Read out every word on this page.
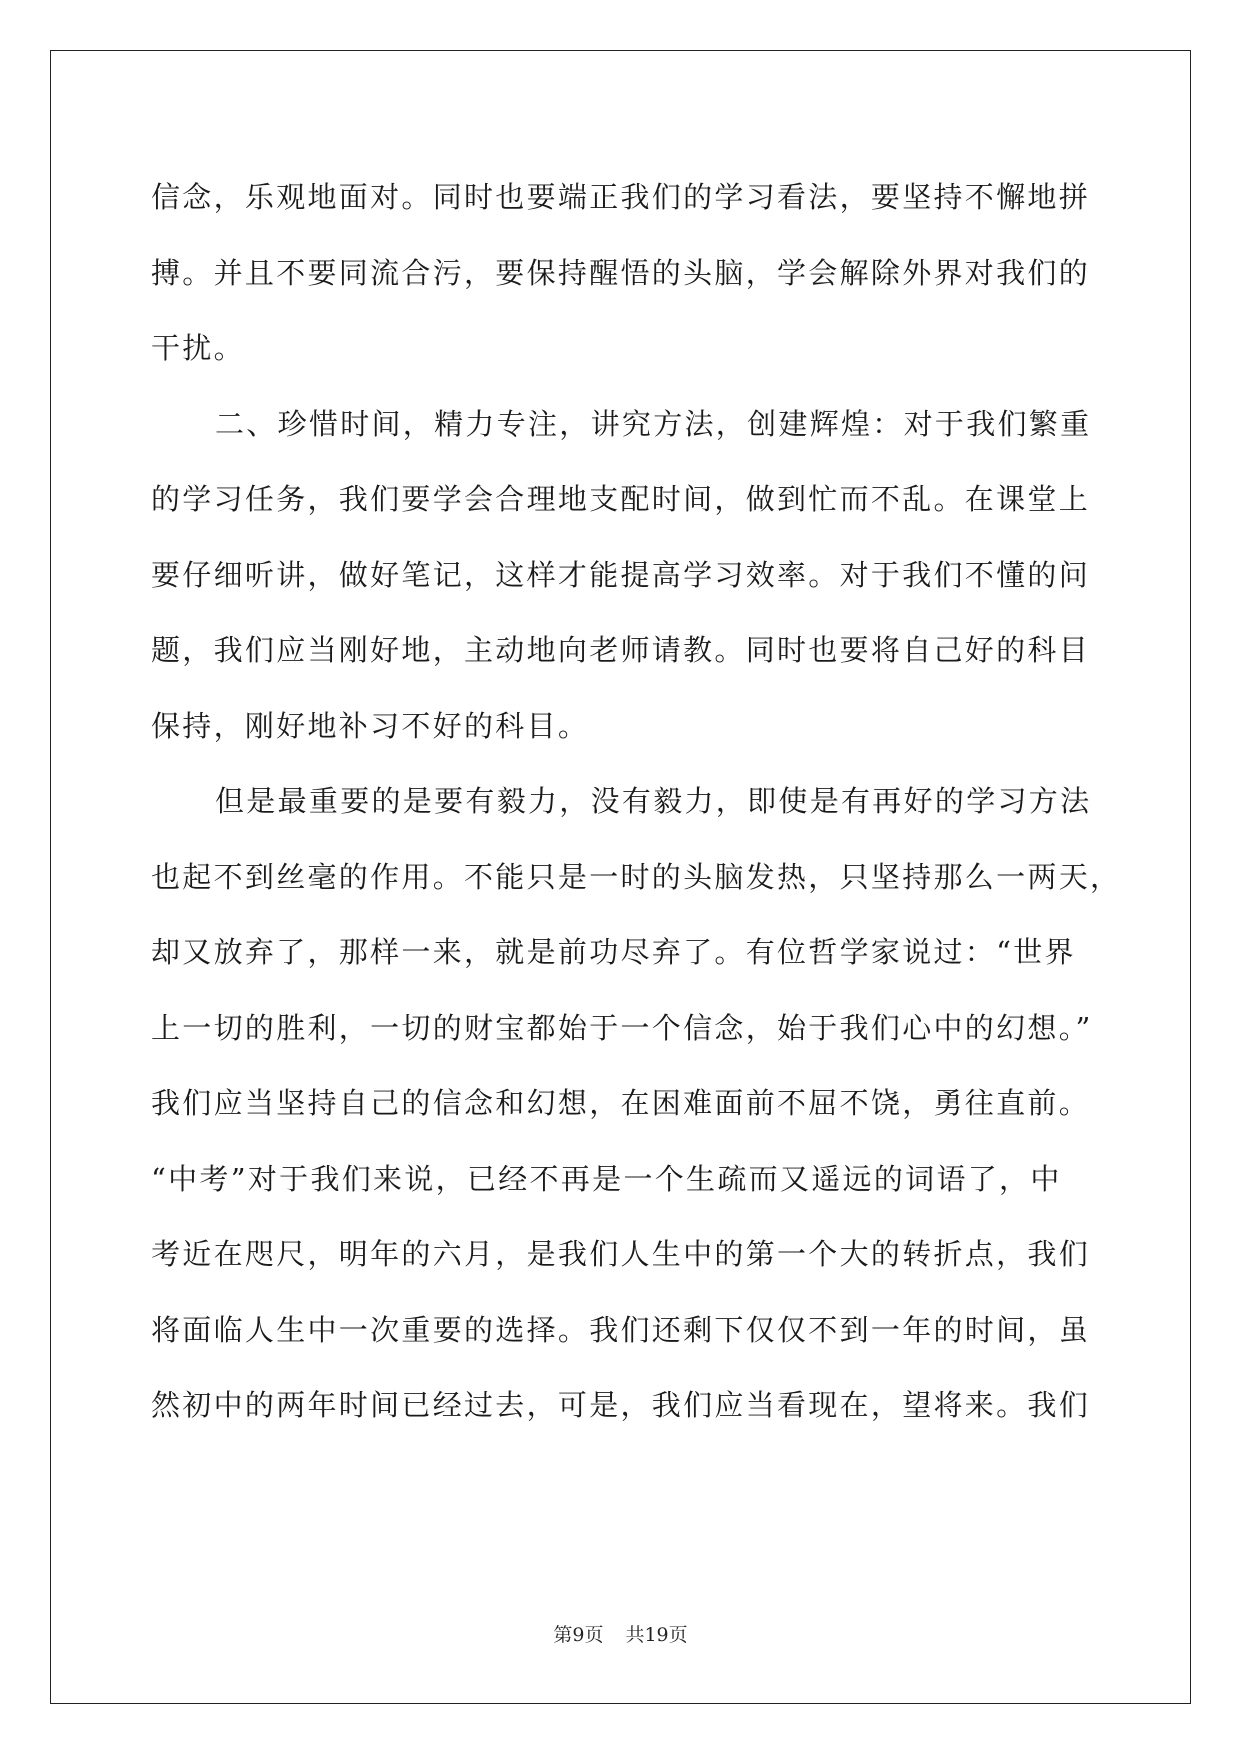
信念，乐观地面对。同时也要端正我们的学习看法，要坚持不懈地拼
搏。并且不要同流合污，要保持醒悟的头脑，学会解除外界对我们的
干扰。
二、珍惜时间，精力专注，讲究方法，创建辉煌：对于我们繁重
的学习任务，我们要学会合理地支配时间，做到忙而不乱。在课堂上
要仔细听讲，做好笔记，这样才能提高学习效率。对于我们不懂的问
题，我们应当刚好地，主动地向老师请教。同时也要将自己好的科目
保持，刚好地补习不好的科目。
但是最重要的是要有毅力，没有毅力，即使是有再好的学习方法
也起不到丝毫的作用。不能只是一时的头脑发热，只坚持那么一两天，
却又放弃了，那样一来，就是前功尽弃了。有位哲学家说过：“世界
上一切的胜利，一切的财宝都始于一个信念，始于我们心中的幻想。”
我们应当坚持自己的信念和幻想，在困难面前不屈不饶，勇往直前。
“中考”对于我们来说，已经不再是一个生疏而又遥远的词语了，中
考近在咫尺，明年的六月，是我们人生中的第一个大的转折点，我们
将面临人生中一次重要的选择。我们还剩下仅仅不到一年的时间，虽
然初中的两年时间已经过去，可是，我们应当看现在，望将来。我们
第9页 共19页
